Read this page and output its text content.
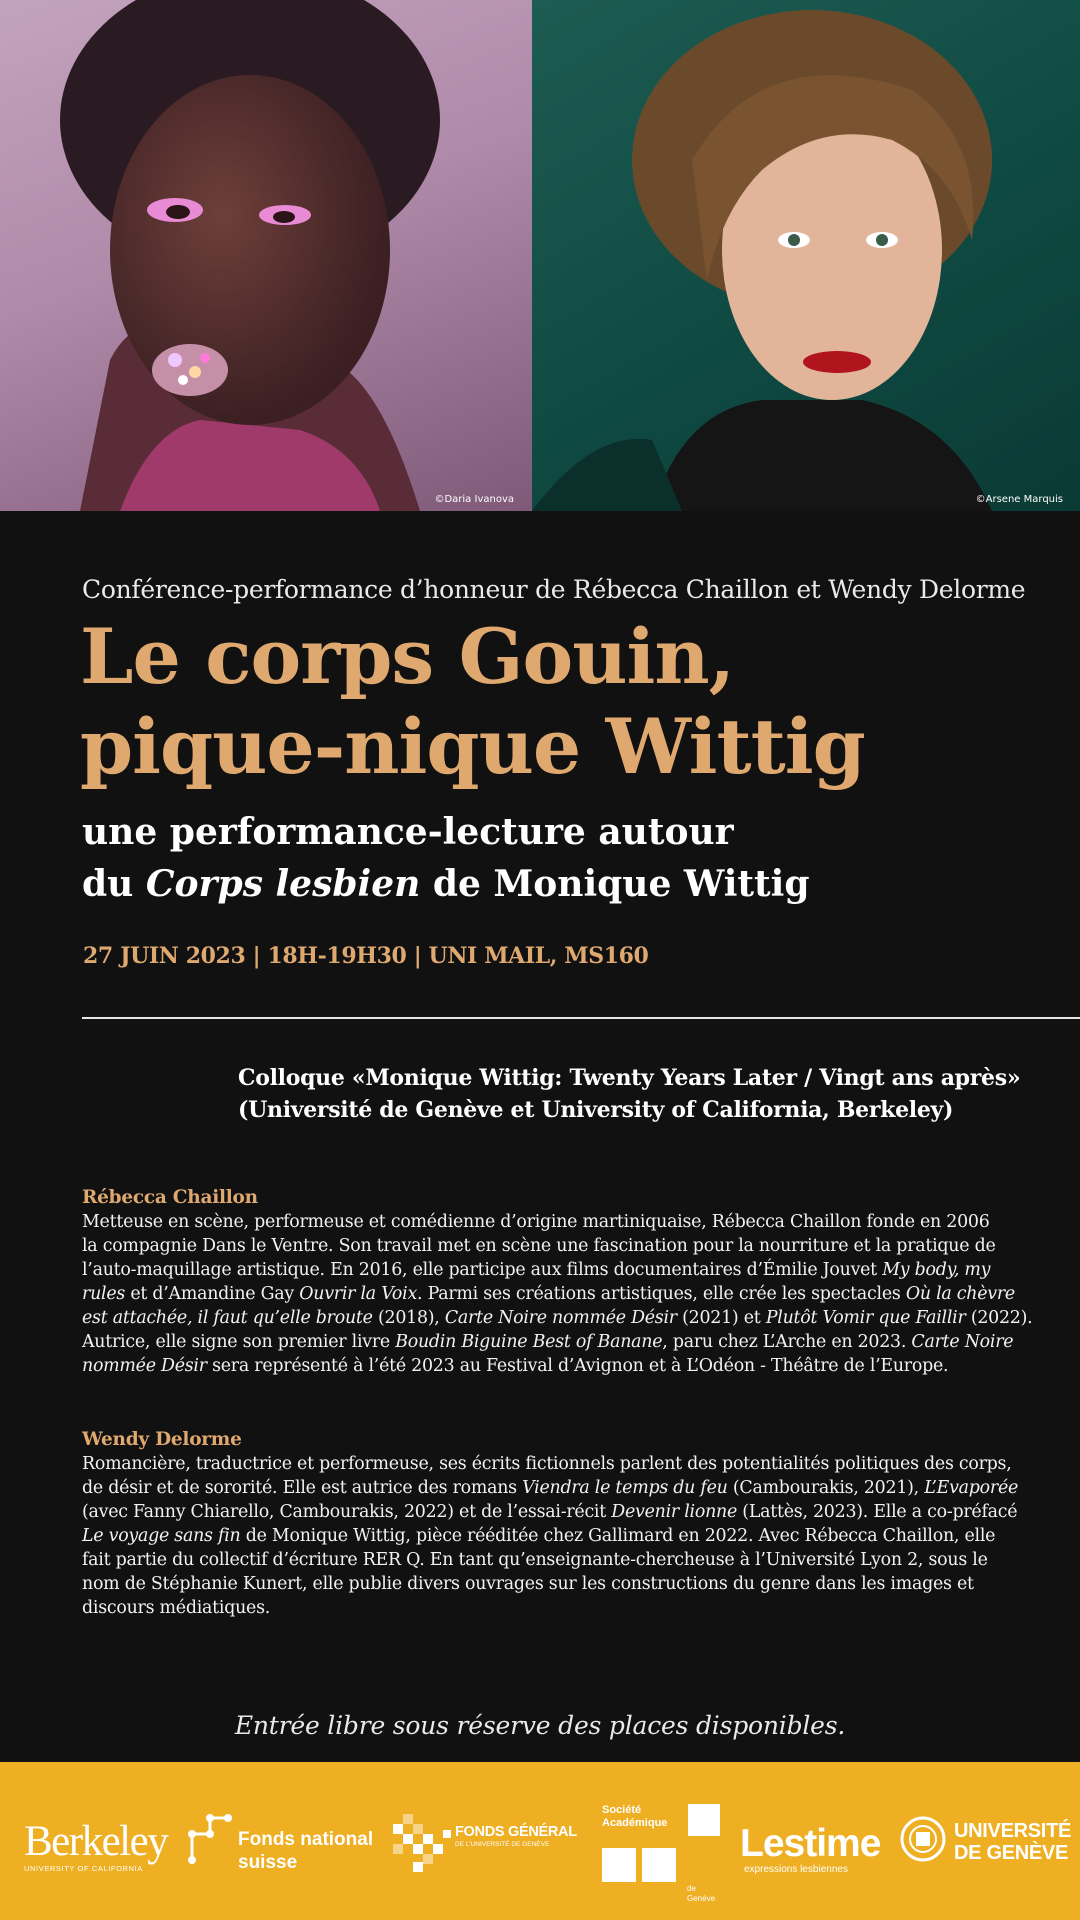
©Daria Ivanova	©Arsene Marquis
Conférence-performance d’honneur de Rébecca Chaillon et Wendy Delorme
Le corps Gouin,
pique-nique Wittig
une performance-lecture autour
du Corps lesbien de Monique Wittig
27 JUIN 2023 | 18H-19H30 | UNI MAIL, MS160
Colloque «Monique Wittig: Twenty Years Later / Vingt ans après»
(Université de Genève et University of California, Berkeley)
Rébecca Chaillon
Metteuse en scène, performeuse et comédienne d’origine martiniquaise, Rébecca Chaillon fonde en 2006
la compagnie Dans le Ventre. Son travail met en scène une fascination pour la nourriture et la pratique de
l’auto-maquillage artistique. En 2016, elle participe aux films documentaires d’Émilie Jouvet My body, my
rules et d’Amandine Gay Ouvrir la Voix. Parmi ses créations artistiques, elle crée les spectacles Où la chèvre
est attachée, il faut qu’elle broute (2018), Carte Noire nommée Désir (2021) et Plutôt Vomir que Faillir (2022).
Autrice, elle signe son premier livre Boudin Biguine Best of Banane, paru chez L’Arche en 2023. Carte Noire
nommée Désir sera représenté à l’été 2023 au Festival d’Avignon et à L’Odéon - Théâtre de l’Europe.
Wendy Delorme
Romancière, traductrice et performeuse, ses écrits fictionnels parlent des potentialités politiques des corps,
de désir et de sororité. Elle est autrice des romans Viendra le temps du feu (Cambourakis, 2021), L’Evaporée
(avec Fanny Chiarello, Cambourakis, 2022) et de l’essai-récit Devenir lionne (Lattès, 2023). Elle a co-préfacé
Le voyage sans fin de Monique Wittig, pièce rééditée chez Gallimard en 2022. Avec Rébecca Chaillon, elle
fait partie du collectif d’écriture RER Q. En tant qu’enseignante-chercheuse à l’Université Lyon 2, sous le
nom de Stéphanie Kunert, elle publie divers ouvrages sur les constructions du genre dans les images et
discours médiatiques.
Entrée libre sous réserve des places disponibles.
Berkeley
UNIVERSITY OF CALIFORNIA
Fonds national
suisse
FONDS GÉNÉRAL
DE L’UNIVERSITÉ DE GENÈVE
Société
Académique
de
Genève
Lestime
expressions lesbiennes
UNIVERSITÉ
DE GENÈVE
